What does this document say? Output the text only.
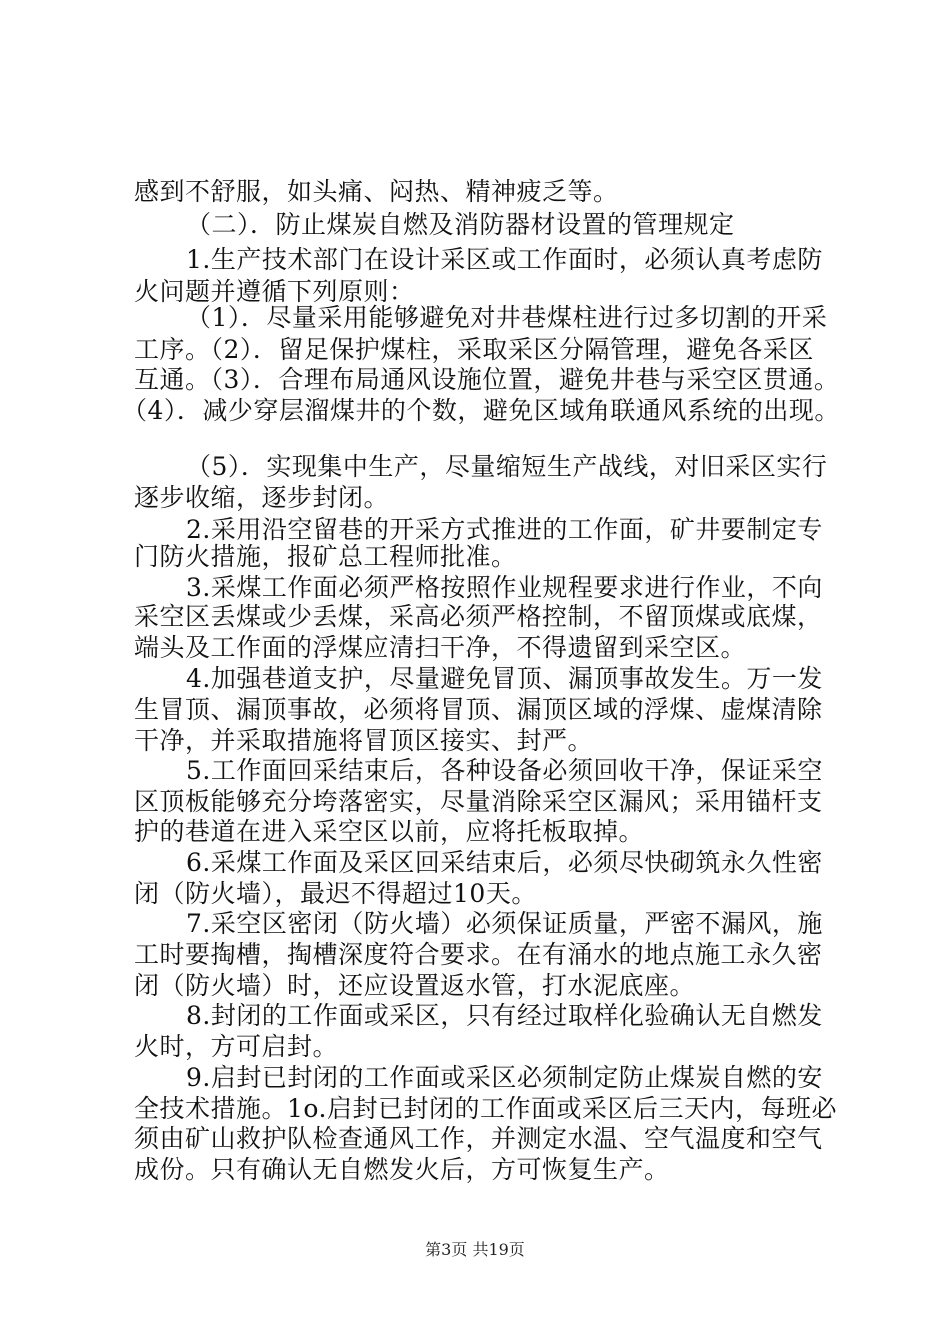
感到不舒服，如头痛、闷热、精神疲乏等。
（二）．防止煤炭自燃及消防器材设置的管理规定
1.生产技术部门在设计采区或工作面时，必须认真考虑防
火问题并遵循下列原则：
（1）．尽量采用能够避免对井巷煤柱进行过多切割的开采
工序。（2）．留足保护煤柱，采取采区分隔管理，避免各采区
互通。（3）．合理布局通风设施位置，避免井巷与采空区贯通。
（4）．减少穿层溜煤井的个数，避免区域角联通风系统的出现。
（5）．实现集中生产，尽量缩短生产战线，对旧采区实行
逐步收缩，逐步封闭。
2.采用沿空留巷的开采方式推进的工作面，矿井要制定专
门防火措施，报矿总工程师批准。
3.采煤工作面必须严格按照作业规程要求进行作业，不向
采空区丢煤或少丢煤，采高必须严格控制，不留顶煤或底煤，
端头及工作面的浮煤应清扫干净，不得遗留到采空区。
4.加强巷道支护，尽量避免冒顶、漏顶事故发生。万一发
生冒顶、漏顶事故，必须将冒顶、漏顶区域的浮煤、虚煤清除
干净，并采取措施将冒顶区接实、封严。
5.工作面回采结束后，各种设备必须回收干净，保证采空
区顶板能够充分垮落密实，尽量消除采空区漏风；采用锚杆支
护的巷道在进入采空区以前，应将托板取掉。
6.采煤工作面及采区回采结束后，必须尽快砌筑永久性密
闭（防火墙），最迟不得超过10天。
7.采空区密闭（防火墙）必须保证质量，严密不漏风，施
工时要掏槽，掏槽深度符合要求。在有涌水的地点施工永久密
闭（防火墙）时，还应设置返水管，打水泥底座。
8.封闭的工作面或采区，只有经过取样化验确认无自燃发
火时，方可启封。
9.启封已封闭的工作面或采区必须制定防止煤炭自燃的安
全技术措施。1o.启封已封闭的工作面或采区后三天内，每班必
须由矿山救护队检查通风工作，并测定水温、空气温度和空气
成份。只有确认无自燃发火后，方可恢复生产。
第3页 共19页
